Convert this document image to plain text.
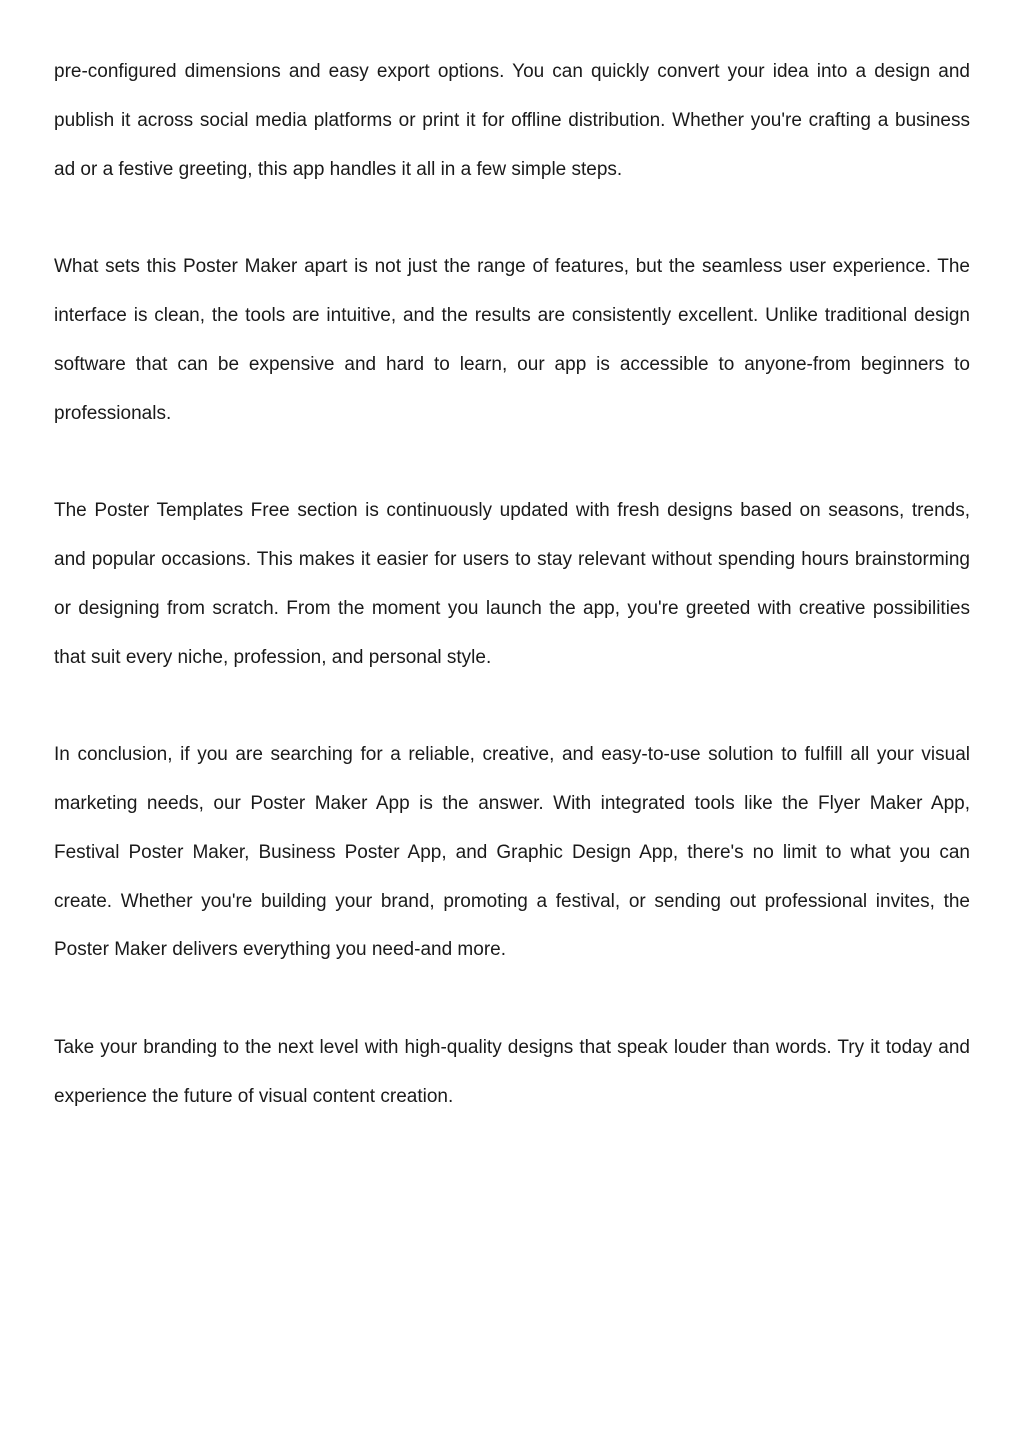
pre-configured dimensions and easy export options. You can quickly convert your idea into a design and publish it across social media platforms or print it for offline distribution. Whether you're crafting a business ad or a festive greeting, this app handles it all in a few simple steps.

What sets this Poster Maker apart is not just the range of features, but the seamless user experience. The interface is clean, the tools are intuitive, and the results are consistently excellent. Unlike traditional design software that can be expensive and hard to learn, our app is accessible to anyone-from beginners to professionals.

The Poster Templates Free section is continuously updated with fresh designs based on seasons, trends, and popular occasions. This makes it easier for users to stay relevant without spending hours brainstorming or designing from scratch. From the moment you launch the app, you're greeted with creative possibilities that suit every niche, profession, and personal style.

In conclusion, if you are searching for a reliable, creative, and easy-to-use solution to fulfill all your visual marketing needs, our Poster Maker App is the answer. With integrated tools like the Flyer Maker App, Festival Poster Maker, Business Poster App, and Graphic Design App, there's no limit to what you can create. Whether you're building your brand, promoting a festival, or sending out professional invites, the Poster Maker delivers everything you need-and more.

Take your branding to the next level with high-quality designs that speak louder than words. Try it today and experience the future of visual content creation.
